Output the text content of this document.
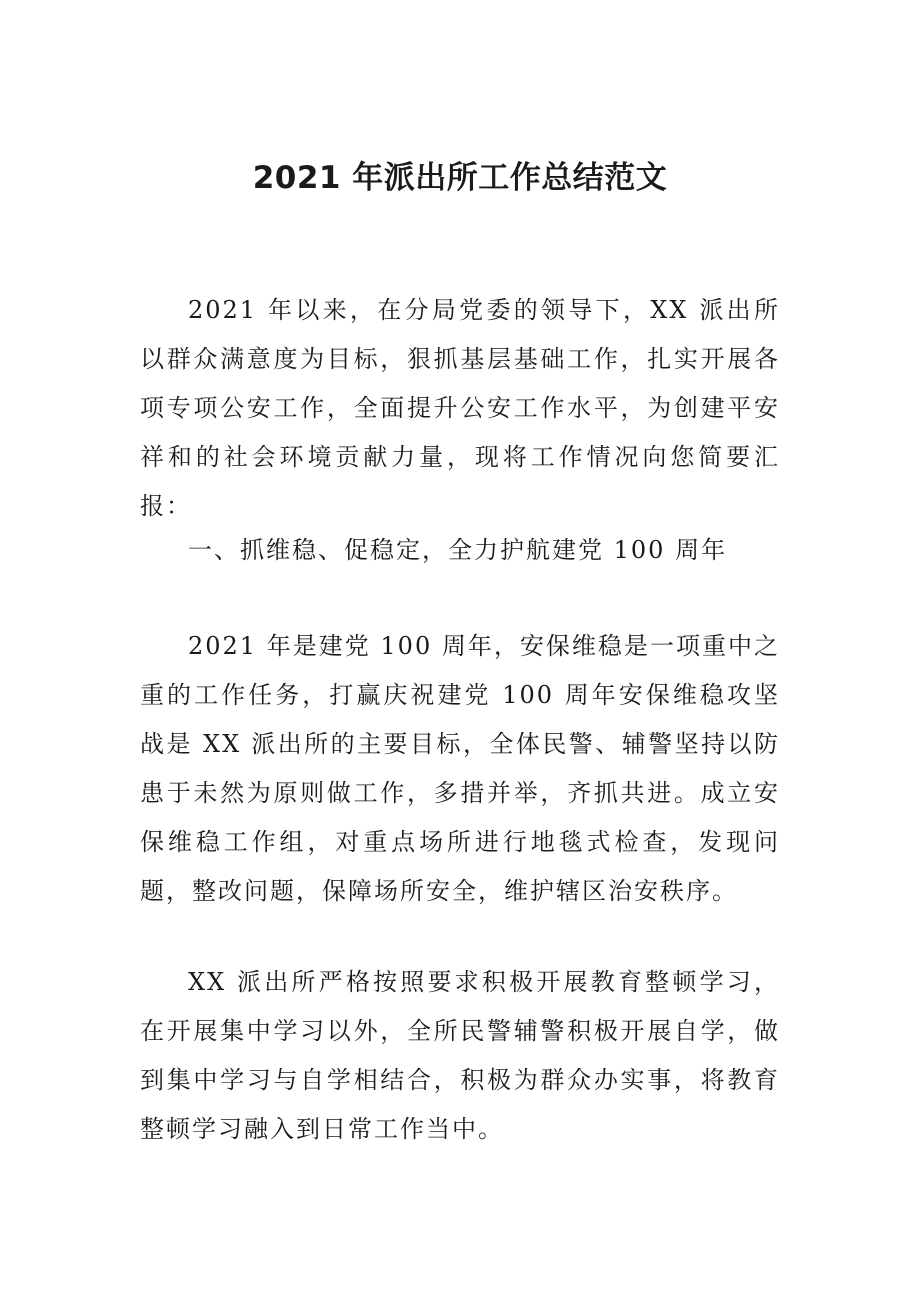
2021 年派出所工作总结范文

2021 年以来，在分局党委的领导下，XX 派出所以群众满意度为目标，狠抓基层基础工作，扎实开展各项专项公安工作，全面提升公安工作水平，为创建平安祥和的社会环境贡献力量，现将工作情况向您简要汇报：

一、抓维稳、促稳定，全力护航建党 100 周年

2021 年是建党 100 周年，安保维稳是一项重中之重的工作任务，打赢庆祝建党 100 周年安保维稳攻坚战是 XX 派出所的主要目标，全体民警、辅警坚持以防患于未然为原则做工作，多措并举，齐抓共进。成立安保维稳工作组，对重点场所进行地毯式检查，发现问题，整改问题，保障场所安全，维护辖区治安秩序。

XX 派出所严格按照要求积极开展教育整顿学习，在开展集中学习以外，全所民警辅警积极开展自学，做到集中学习与自学相结合，积极为群众办实事，将教育整顿学习融入到日常工作当中。
